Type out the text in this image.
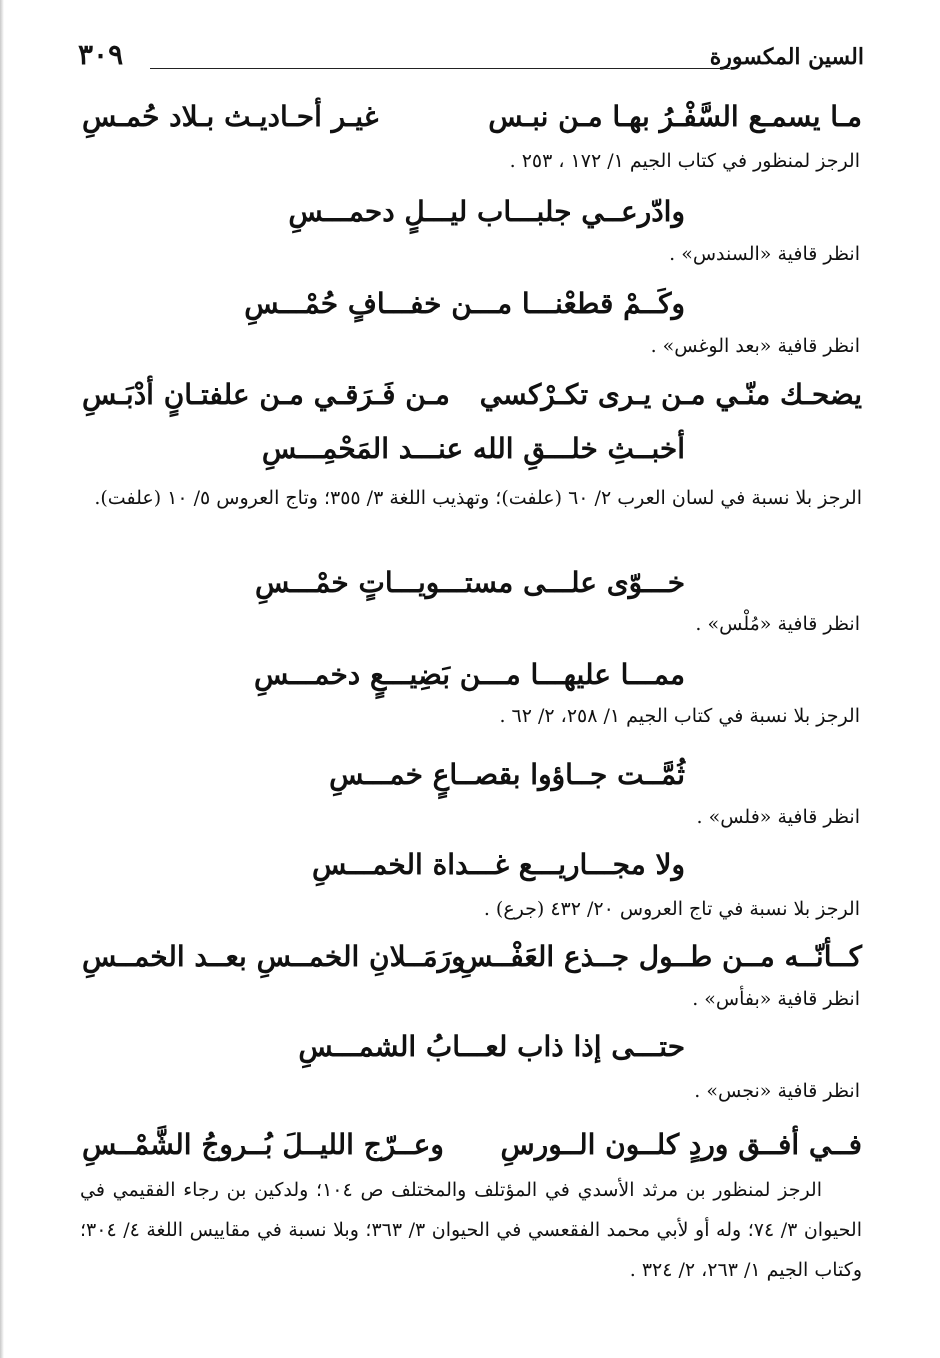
السين المكسورة
٣٠٩
مـا يسمـع السَّفْـرُ بهـا مـن نبـس
غيـر أحـاديـث بـلاد حُمـسِ
الرجز لمنظور في كتاب الجيم ١/ ١٧٢ ، ٢٥٣ .
وادّرعــي جلبـــاب ليـــلٍ دحمـــسِ
انظر قافية «السندس» .
وكَــمْ قطعْنـــا مـــن خفـــافٍ حُمْـــسِ
انظر قافية «بعد الوغس» .
يضحـك منّـي مـن يـرى تكـرْكسي
مـن فَـرَقـي مـن علفتـانٍ أدْبَـسِ
أخبــثِ خلـــقِ الله عنـــد المَحْمِـــسِ
الرجز بلا نسبة في لسان العرب ٢/ ٦٠ (علفت)؛ وتهذيب اللغة ٣/ ٣٥٥؛ وتاج العروس ٥/ ١٠ (علفت).
خـــوّى علـــى مستـــويـــاتٍ خمْـــسِ
انظر قافية «مُلْس» .
ممـــا عليهـــا مـــن بَضِيـــعٍ دخمـــسِ
الرجز بلا نسبة في كتاب الجيم ١/ ٢٥٨، ٢/ ٦٢ .
ثُمَّــت جــاؤوا بقصــاعٍ خمـــسِ
انظر قافية «فلس» .
ولا مجـــاريـــع غـــداة الخمـــسِ
الرجز بلا نسبة في تاج العروس ٢٠/ ٤٣٢ (جرع) .
كــأنّــه مــن طــول جــذع العَفْــسِ
ورَمَــلانِ الخمــسِ بعــد الخمــسِ
انظر قافية «بفأس» .
حتـــى إذا ذاب لعـــابُ الشمـــسِ
انظر قافية «نجس» .
فــي أفــق وردٍ كلــون الــورسِ
وعــرّج الليــلَ بُــروجُ الشَّمْــسِ
الرجز لمنظور بن مرثد الأسدي في المؤتلف والمختلف ص ١٠٤؛ ولدكين بن رجاء الفقيمي في الحيوان ٣/ ٧٤؛ وله أو لأبي محمد الفقعسي في الحيوان ٣/ ٣٦٣؛ وبلا نسبة في مقاييس اللغة ٤/ ٣٠٤؛ وكتاب الجيم ١/ ٢٦٣، ٢/ ٣٢٤ .
